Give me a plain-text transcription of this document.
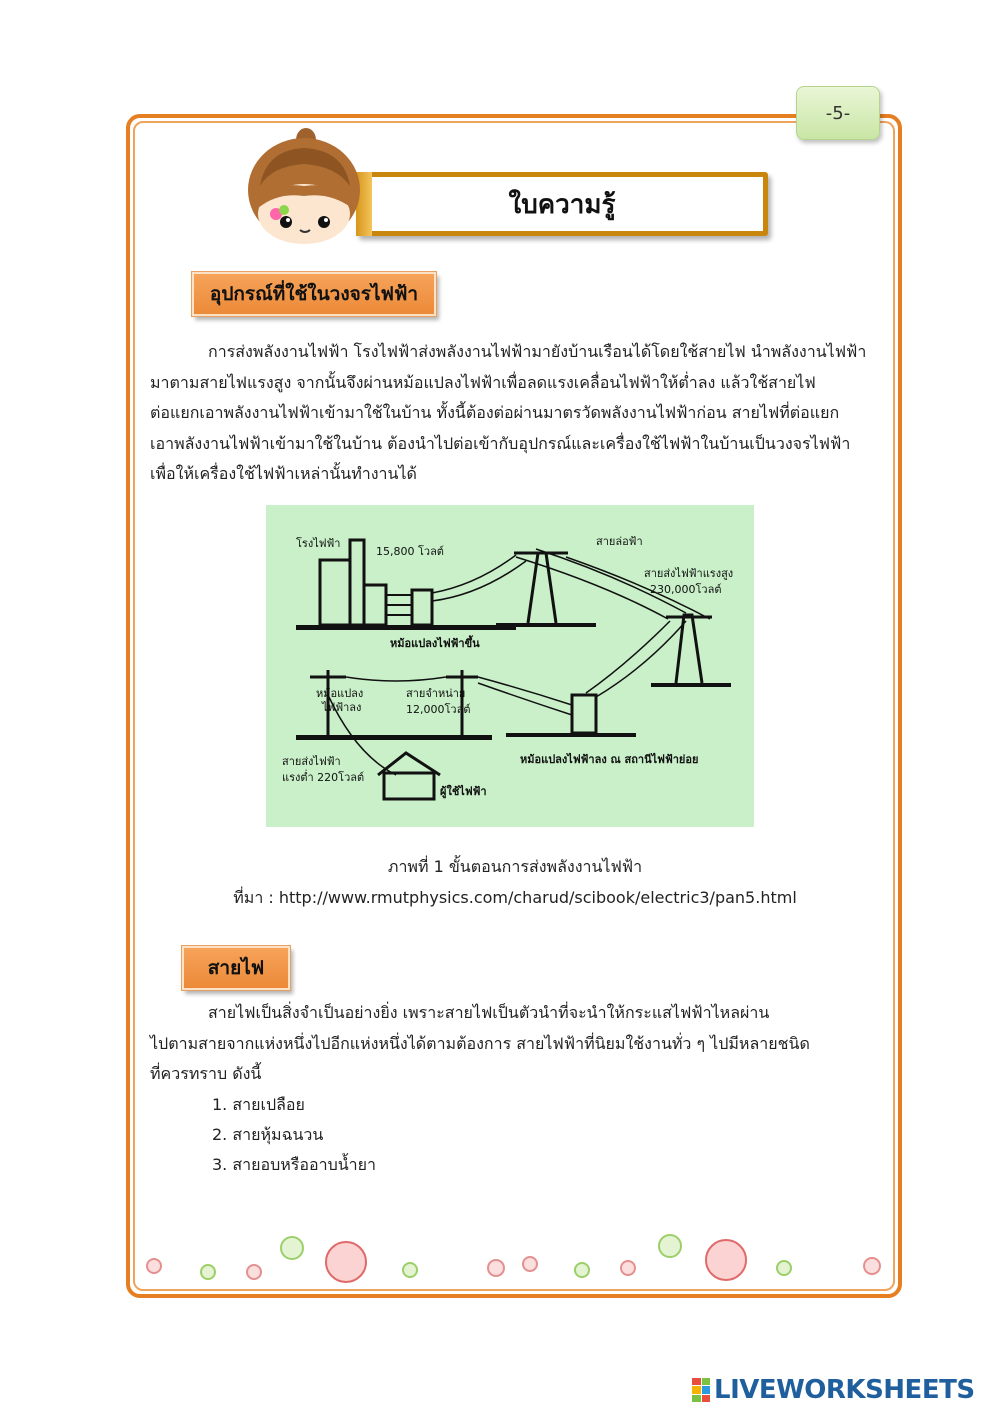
-5-
ใบความรู้
อุปกรณ์ที่ใช้ในวงจรไฟฟ้า

การส่งพลังงานไฟฟ้า โรงไฟฟ้าส่งพลังงานไฟฟ้ามายังบ้านเรือนได้โดยใช้สายไฟ นำพลังงานไฟฟ้า
มาตามสายไฟแรงสูง จากนั้นจึงผ่านหม้อแปลงไฟฟ้าเพื่อลดแรงเคลื่อนไฟฟ้าให้ต่ำลง แล้วใช้สายไฟ
ต่อแยกเอาพลังงานไฟฟ้าเข้ามาใช้ในบ้าน ทั้งนี้ต้องต่อผ่านมาตรวัดพลังงานไฟฟ้าก่อน สายไฟที่ต่อแยก
เอาพลังงานไฟฟ้าเข้ามาใช้ในบ้าน ต้องนำไปต่อเข้ากับอุปกรณ์และเครื่องใช้ไฟฟ้าในบ้านเป็นวงจรไฟฟ้า
เพื่อให้เครื่องใช้ไฟฟ้าเหล่านั้นทำงานได้

โรงไฟฟ้า
15,800 โวลต์
สายล่อฟ้า
สายส่งไฟฟ้าแรงสูง
230,000โวลต์
หม้อแปลงไฟฟ้าขึ้น
หม้อแปลง
ไฟฟ้าลง
สายจำหน่าย
12,000โวลต์
สายส่งไฟฟ้า
แรงต่ำ 220โวลต์
ผู้ใช้ไฟฟ้า
หม้อแปลงไฟฟ้าลง ณ สถานีไฟฟ้าย่อย
ภาพที่ 1 ขั้นตอนการส่งพลังงานไฟฟ้า
ที่มา : http://www.rmutphysics.com/charud/scibook/electric3/pan5.html
สายไฟ

สายไฟเป็นสิ่งจำเป็นอย่างยิ่ง เพราะสายไฟเป็นตัวนำที่จะนำให้กระแสไฟฟ้าไหลผ่าน
ไปตามสายจากแห่งหนึ่งไปอีกแห่งหนึ่งได้ตามต้องการ สายไฟฟ้าที่นิยมใช้งานทั่ว ๆ ไปมีหลายชนิด
ที่ควรทราบ ดังนี้

1. สายเปลือย
2. สายหุ้มฉนวน
3. สายอบหรืออาบน้ำยา
LIVEWORKSHEETS
